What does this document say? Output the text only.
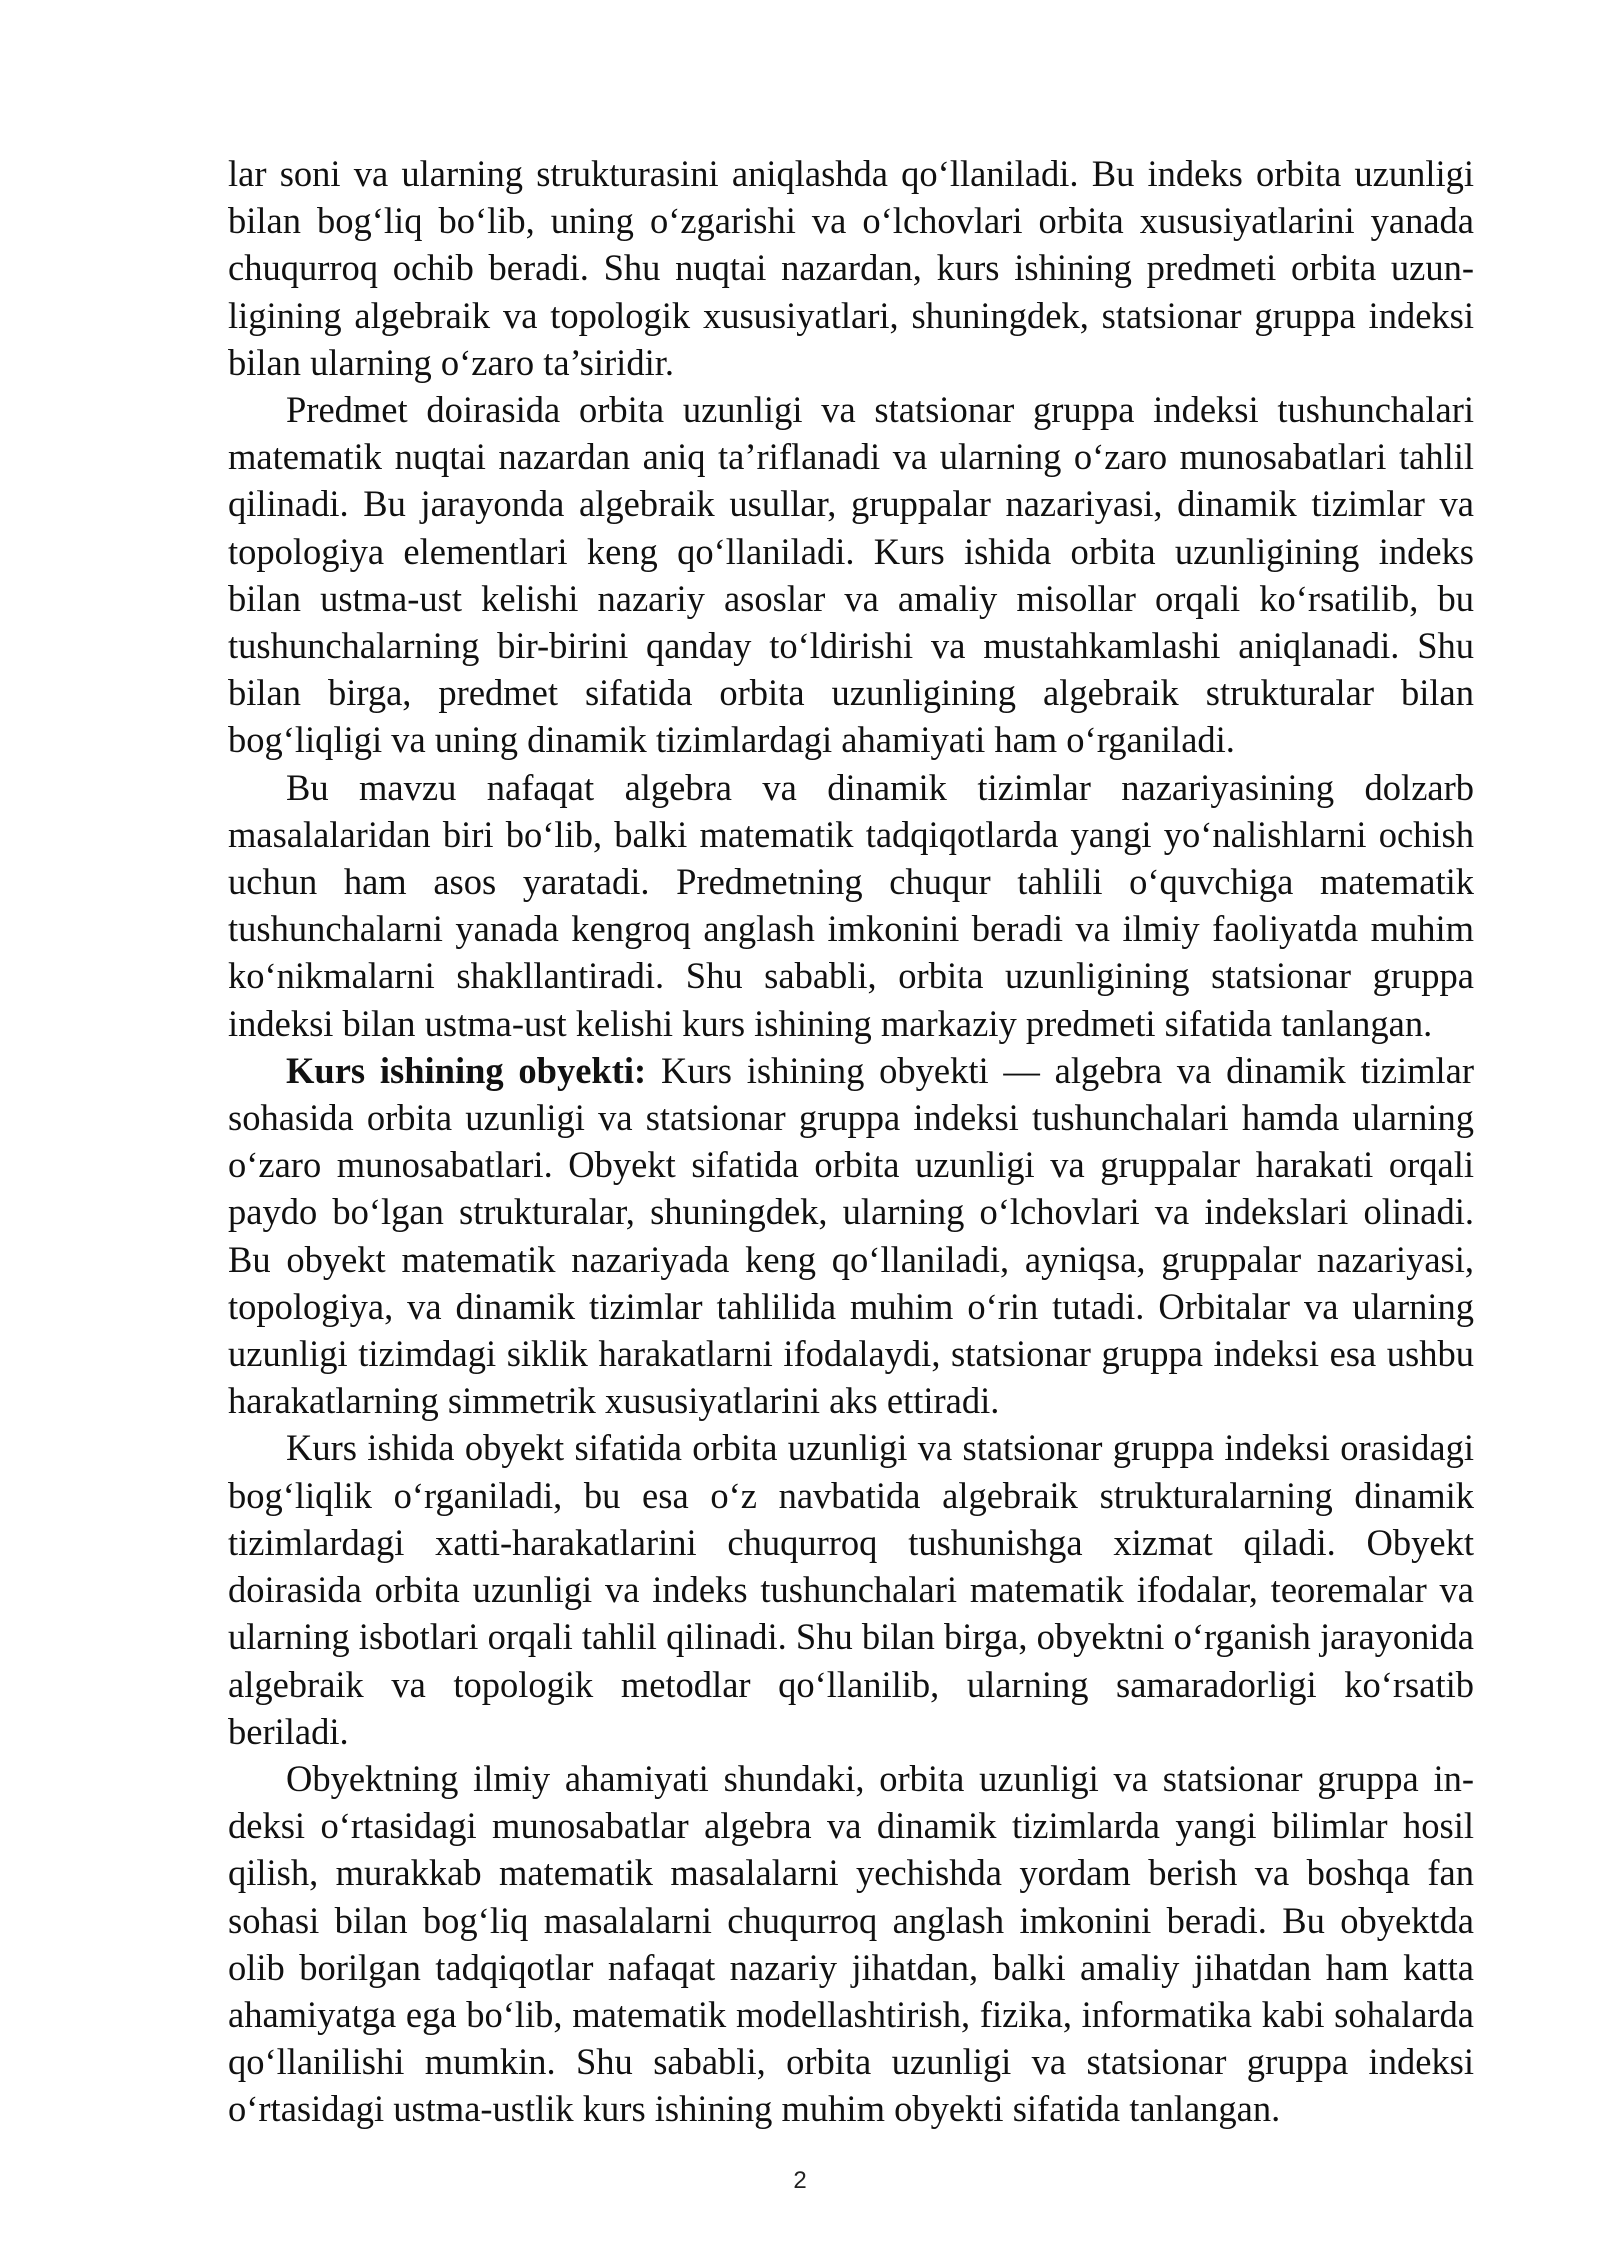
lar soni va ularning strukturasini aniqlashda qo‘llaniladi. Bu indeks orbita uzunligi bilan bog‘liq bo‘lib, uning o‘zgarishi va o‘lchovlari orbita xususiyatlarini yanada chuqurroq ochib beradi. Shu nuqtai nazardan, kurs ishining predmeti orbita uzunligining algebraik va topologik xususiyatlari, shuningdek, statsionar gruppa indeksi bilan ularning o‘zaro ta’siridir.

Predmet doirasida orbita uzunligi va statsionar gruppa indeksi tushunchalari matematik nuqtai nazardan aniq ta’riflanadi va ularning o‘zaro munosabatlari tahlil qilinadi. Bu jarayonda algebraik usullar, gruppalar nazariyasi, dinamik tizimlar va topologiya elementlari keng qo‘llaniladi. Kurs ishida orbita uzunligining indeks bilan ustma-ust kelishi nazariy asoslar va amaliy misollar orqali ko‘rsatilib, bu tushunchalarning bir-birini qanday to‘ldirishi va mustahkamlashi aniqlanadi. Shu bilan birga, predmet sifatida orbita uzunligining algebraik strukturalar bilan bog‘liqligi va uning dinamik tizimlardagi ahamiyati ham o‘rganiladi.

Bu mavzu nafaqat algebra va dinamik tizimlar nazariyasining dolzarb masalalaridan biri bo‘lib, balki matematik tadqiqotlarda yangi yo‘nalishlarni ochish uchun ham asos yaratadi. Predmetning chuqur tahlili o‘quvchiga matematik tushunchalarni yanada kengroq anglash imkonini beradi va ilmiy faoliyatda muhim ko‘nikmalarni shakllantiradi. Shu sababli, orbita uzunligining statsionar gruppa indeksi bilan ustma-ust kelishi kurs ishining markaziy predmeti sifatida tanlangan.

Kurs ishining obyekti: Kurs ishining obyekti — algebra va dinamik tizimlar sohasida orbita uzunligi va statsionar gruppa indeksi tushunchalari hamda ularning o‘zaro munosabatlari. Obyekt sifatida orbita uzunligi va gruppalar harakati orqali paydo bo‘lgan strukturalar, shuningdek, ularning o‘lchovlari va indekslari olinadi. Bu obyekt matematik nazariyada keng qo‘llaniladi, ayniqsa, gruppalar nazariyasi, topologiya, va dinamik tizimlar tahlilida muhim o‘rin tutadi. Orbitalar va ularning uzunligi tizimdagi siklik harakatlarni ifodalaydi, statsionar gruppa indeksi esa ushbu harakatlarning simmetrik xususiyatlarini aks ettiradi.

Kurs ishida obyekt sifatida orbita uzunligi va statsionar gruppa indeksi orasidagi bog‘liqlik o‘rganiladi, bu esa o‘z navbatida algebraik strukturalarning dinamik tizimlardagi xatti-harakatlarini chuqurroq tushunishga xizmat qiladi. Obyekt doirasida orbita uzunligi va indeks tushunchalari matematik ifodalar, teoremalar va ularning isbotlari orqali tahlil qilinadi. Shu bilan birga, obyektni o‘rganish jarayonida algebraik va topologik metodlar qo‘llanilib, ularning samaradorligi ko‘rsatib beriladi.

Obyektning ilmiy ahamiyati shundaki, orbita uzunligi va statsionar gruppa indeksi o‘rtasidagi munosabatlar algebra va dinamik tizimlarda yangi bilimlar hosil qilish, murakkab matematik masalalarni yechishda yordam berish va boshqa fan sohasi bilan bog‘liq masalalarni chuqurroq anglash imkonini beradi. Bu obyektda olib borilgan tadqiqotlar nafaqat nazariy jihatdan, balki amaliy jihatdan ham katta ahamiyatga ega bo‘lib, matematik modellashtirish, fizika, informatika kabi sohalarda qo‘llanilishi mumkin. Shu sababli, orbita uzunligi va statsionar gruppa indeksi o‘rtasidagi ustma-ustlik kurs ishining muhim obyekti sifatida tanlangan.

2
